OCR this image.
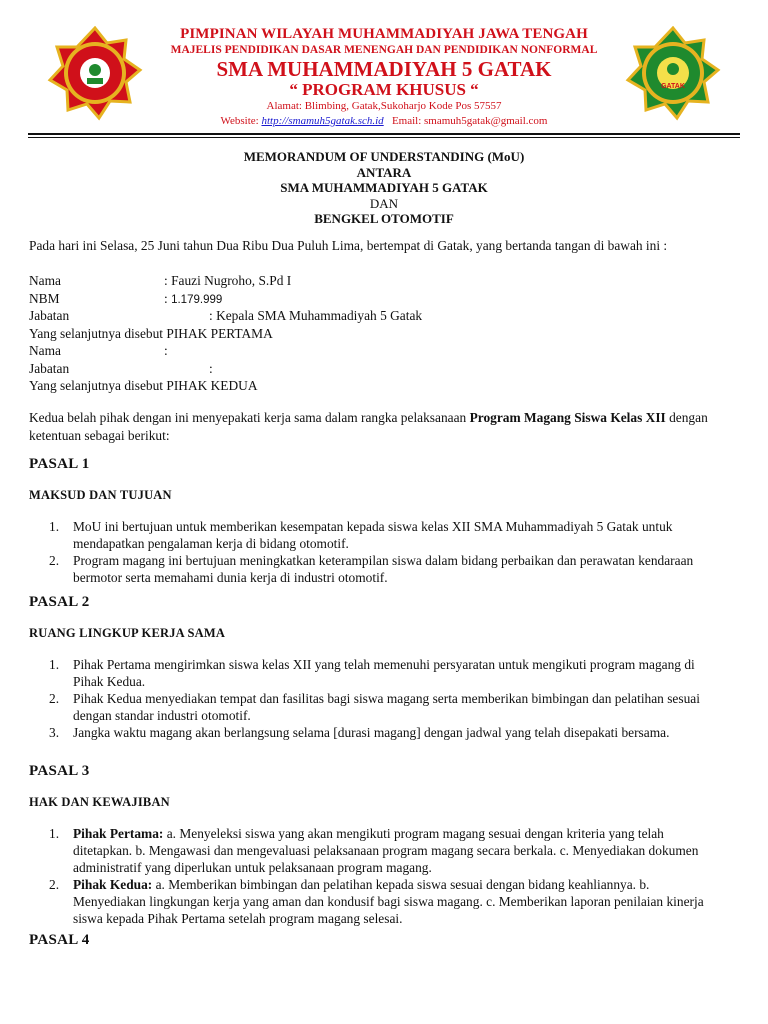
GATAK
PIMPINAN WILAYAH MUHAMMADIYAH JAWA TENGAH
MAJELIS PENDIDIKAN DASAR MENENGAH DAN PENDIDIKAN NONFORMAL
SMA MUHAMMADIYAH 5 GATAK
“ PROGRAM KHUSUS “
Alamat: Blimbing, Gatak,Sukoharjo Kode Pos 57557
Website: http://smamuh5gatak.sch.id Email: smamuh5gatak@gmail.com
MEMORANDUM OF UNDERSTANDING (MoU)
ANTARA
SMA MUHAMMADIYAH 5 GATAK
DAN
BENGKEL OTOMOTIF
Pada hari ini Selasa, 25 Juni tahun Dua Ribu Dua Puluh Lima, bertempat di Gatak, yang bertanda tangan di bawah ini :
Nama	: Fauzi Nugroho, S.Pd I
NBM	: 1.179.999
Jabatan	: Kepala SMA Muhammadiyah 5 Gatak
Yang selanjutnya disebut PIHAK PERTAMA
Nama	:
Jabatan	:
Yang selanjutnya disebut PIHAK KEDUA
Kedua belah pihak dengan ini menyepakati kerja sama dalam rangka pelaksanaan Program Magang Siswa Kelas XII dengan ketentuan sebagai berikut:
PASAL 1
MAKSUD DAN TUJUAN
1. MoU ini bertujuan untuk memberikan kesempatan kepada siswa kelas XII SMA Muhammadiyah 5 Gatak untuk mendapatkan pengalaman kerja di bidang otomotif.
2. Program magang ini bertujuan meningkatkan keterampilan siswa dalam bidang perbaikan dan perawatan kendaraan bermotor serta memahami dunia kerja di industri otomotif.
PASAL 2
RUANG LINGKUP KERJA SAMA
1. Pihak Pertama mengirimkan siswa kelas XII yang telah memenuhi persyaratan untuk mengikuti program magang di Pihak Kedua.
2. Pihak Kedua menyediakan tempat dan fasilitas bagi siswa magang serta memberikan bimbingan dan pelatihan sesuai dengan standar industri otomotif.
3. Jangka waktu magang akan berlangsung selama [durasi magang] dengan jadwal yang telah disepakati bersama.
PASAL 3
HAK DAN KEWAJIBAN
1. Pihak Pertama: a. Menyeleksi siswa yang akan mengikuti program magang sesuai dengan kriteria yang telah ditetapkan. b. Mengawasi dan mengevaluasi pelaksanaan program magang secara berkala. c. Menyediakan dokumen administratif yang diperlukan untuk pelaksanaan program magang.
2. Pihak Kedua: a. Memberikan bimbingan dan pelatihan kepada siswa sesuai dengan bidang keahliannya. b. Menyediakan lingkungan kerja yang aman dan kondusif bagi siswa magang. c. Memberikan laporan penilaian kinerja siswa kepada Pihak Pertama setelah program magang selesai.
PASAL 4
